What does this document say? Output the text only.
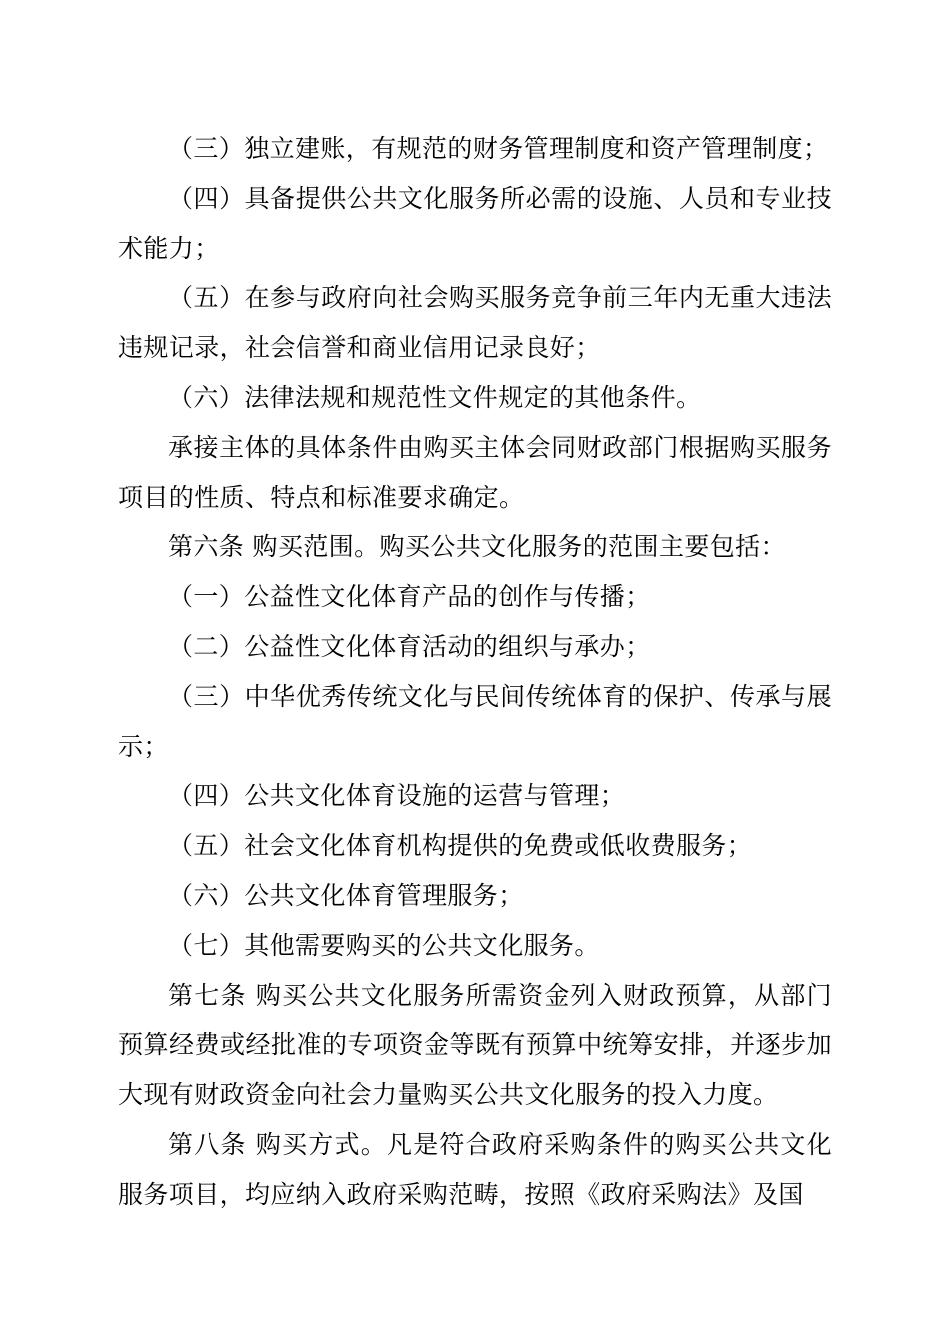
（三）独立建账，有规范的财务管理制度和资产管理制度；

（四）具备提供公共文化服务所必需的设施、人员和专业技术能力；

（五）在参与政府向社会购买服务竞争前三年内无重大违法违规记录，社会信誉和商业信用记录良好；

（六）法律法规和规范性文件规定的其他条件。

承接主体的具体条件由购买主体会同财政部门根据购买服务项目的性质、特点和标准要求确定。

第六条 购买范围。购买公共文化服务的范围主要包括：

（一）公益性文化体育产品的创作与传播；

（二）公益性文化体育活动的组织与承办；

（三）中华优秀传统文化与民间传统体育的保护、传承与展示；

（四）公共文化体育设施的运营与管理；

（五）社会文化体育机构提供的免费或低收费服务；

（六）公共文化体育管理服务；

（七）其他需要购买的公共文化服务。

第七条 购买公共文化服务所需资金列入财政预算，从部门预算经费或经批准的专项资金等既有预算中统筹安排，并逐步加大现有财政资金向社会力量购买公共文化服务的投入力度。

第八条 购买方式。凡是符合政府采购条件的购买公共文化服务项目，均应纳入政府采购范畴，按照《政府采购法》及国
